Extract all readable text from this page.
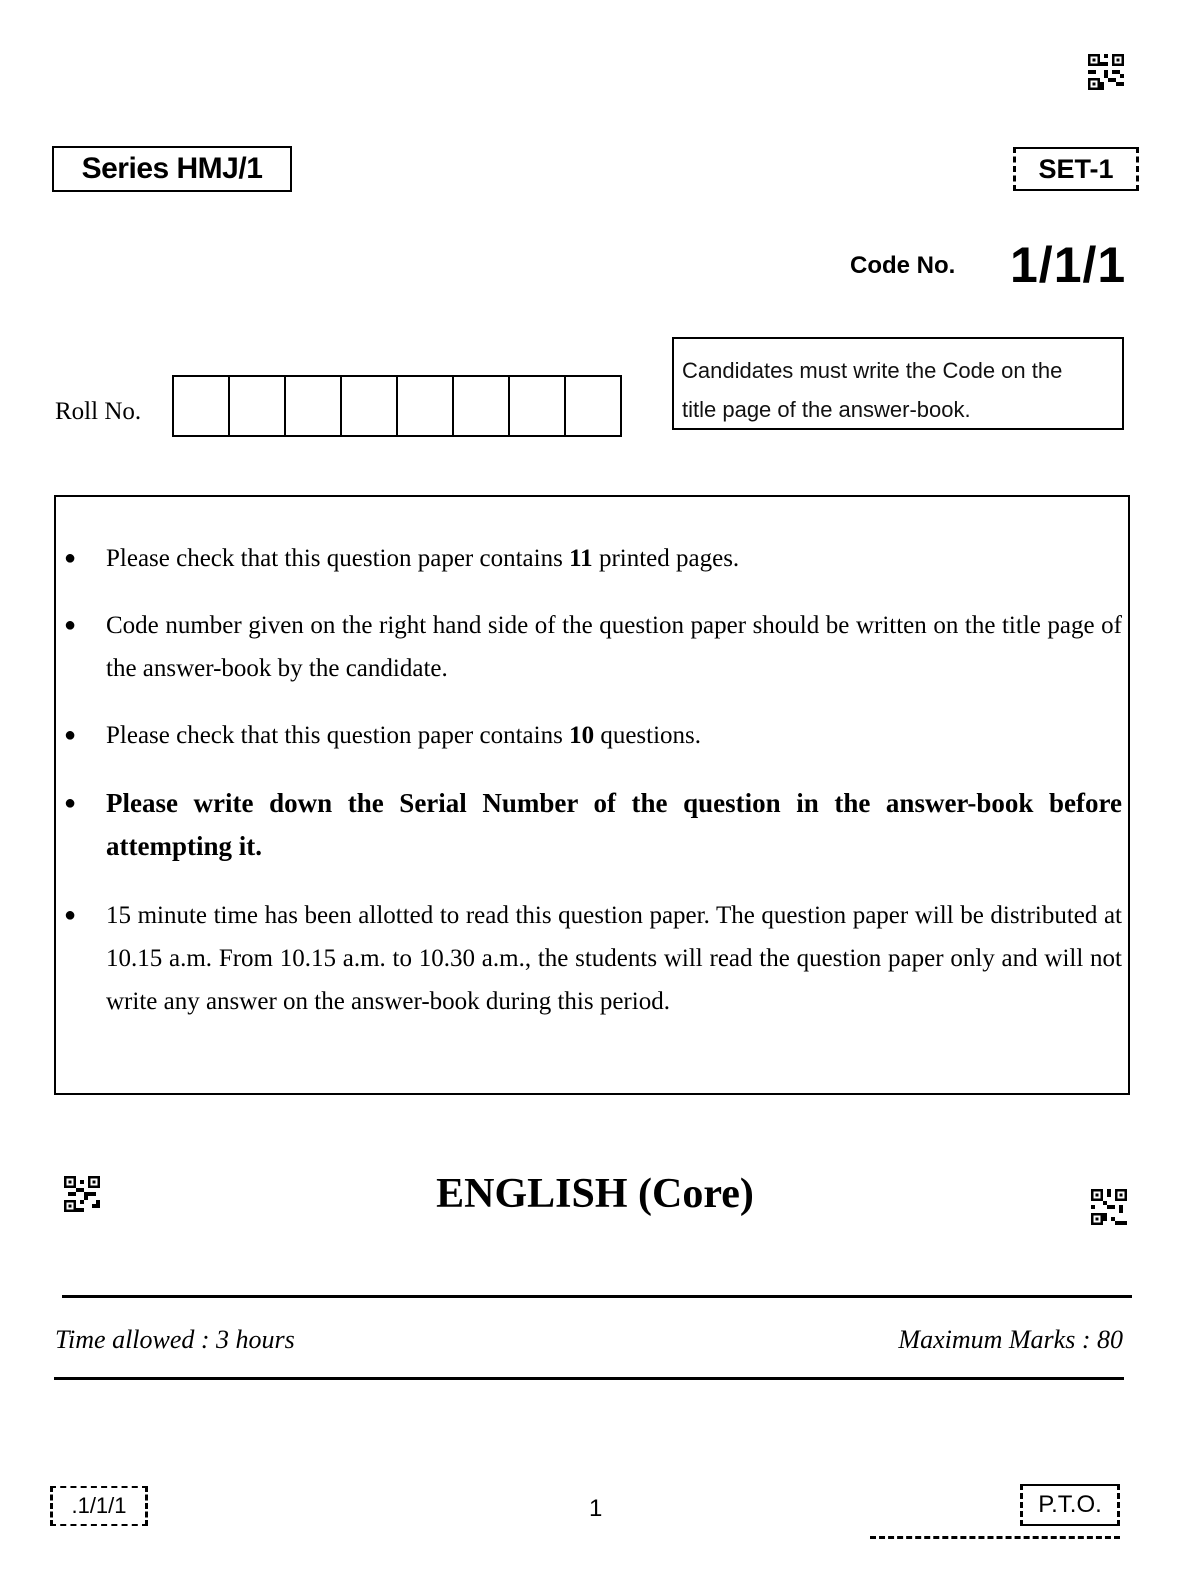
Series HMJ/1	SET-1
Code No. 1/1/1
Roll No.
Candidates must write the Code on the
title page of the answer-book.
● Please check that this question paper contains 11 printed pages.
● Code number given on the right hand side of the question paper should be written on the title page of the answer-book by the candidate.
● Please check that this question paper contains 10 questions.
● Please write down the Serial Number of the question in the answer-book before attempting it.
● 15 minute time has been allotted to read this question paper. The question paper will be distributed at 10.15 a.m. From 10.15 a.m. to 10.30 a.m., the students will read the question paper only and will not write any answer on the answer-book during this period.
ENGLISH (Core)
Time allowed : 3 hours	Maximum Marks : 80
.1/1/1	1	P.T.O.
